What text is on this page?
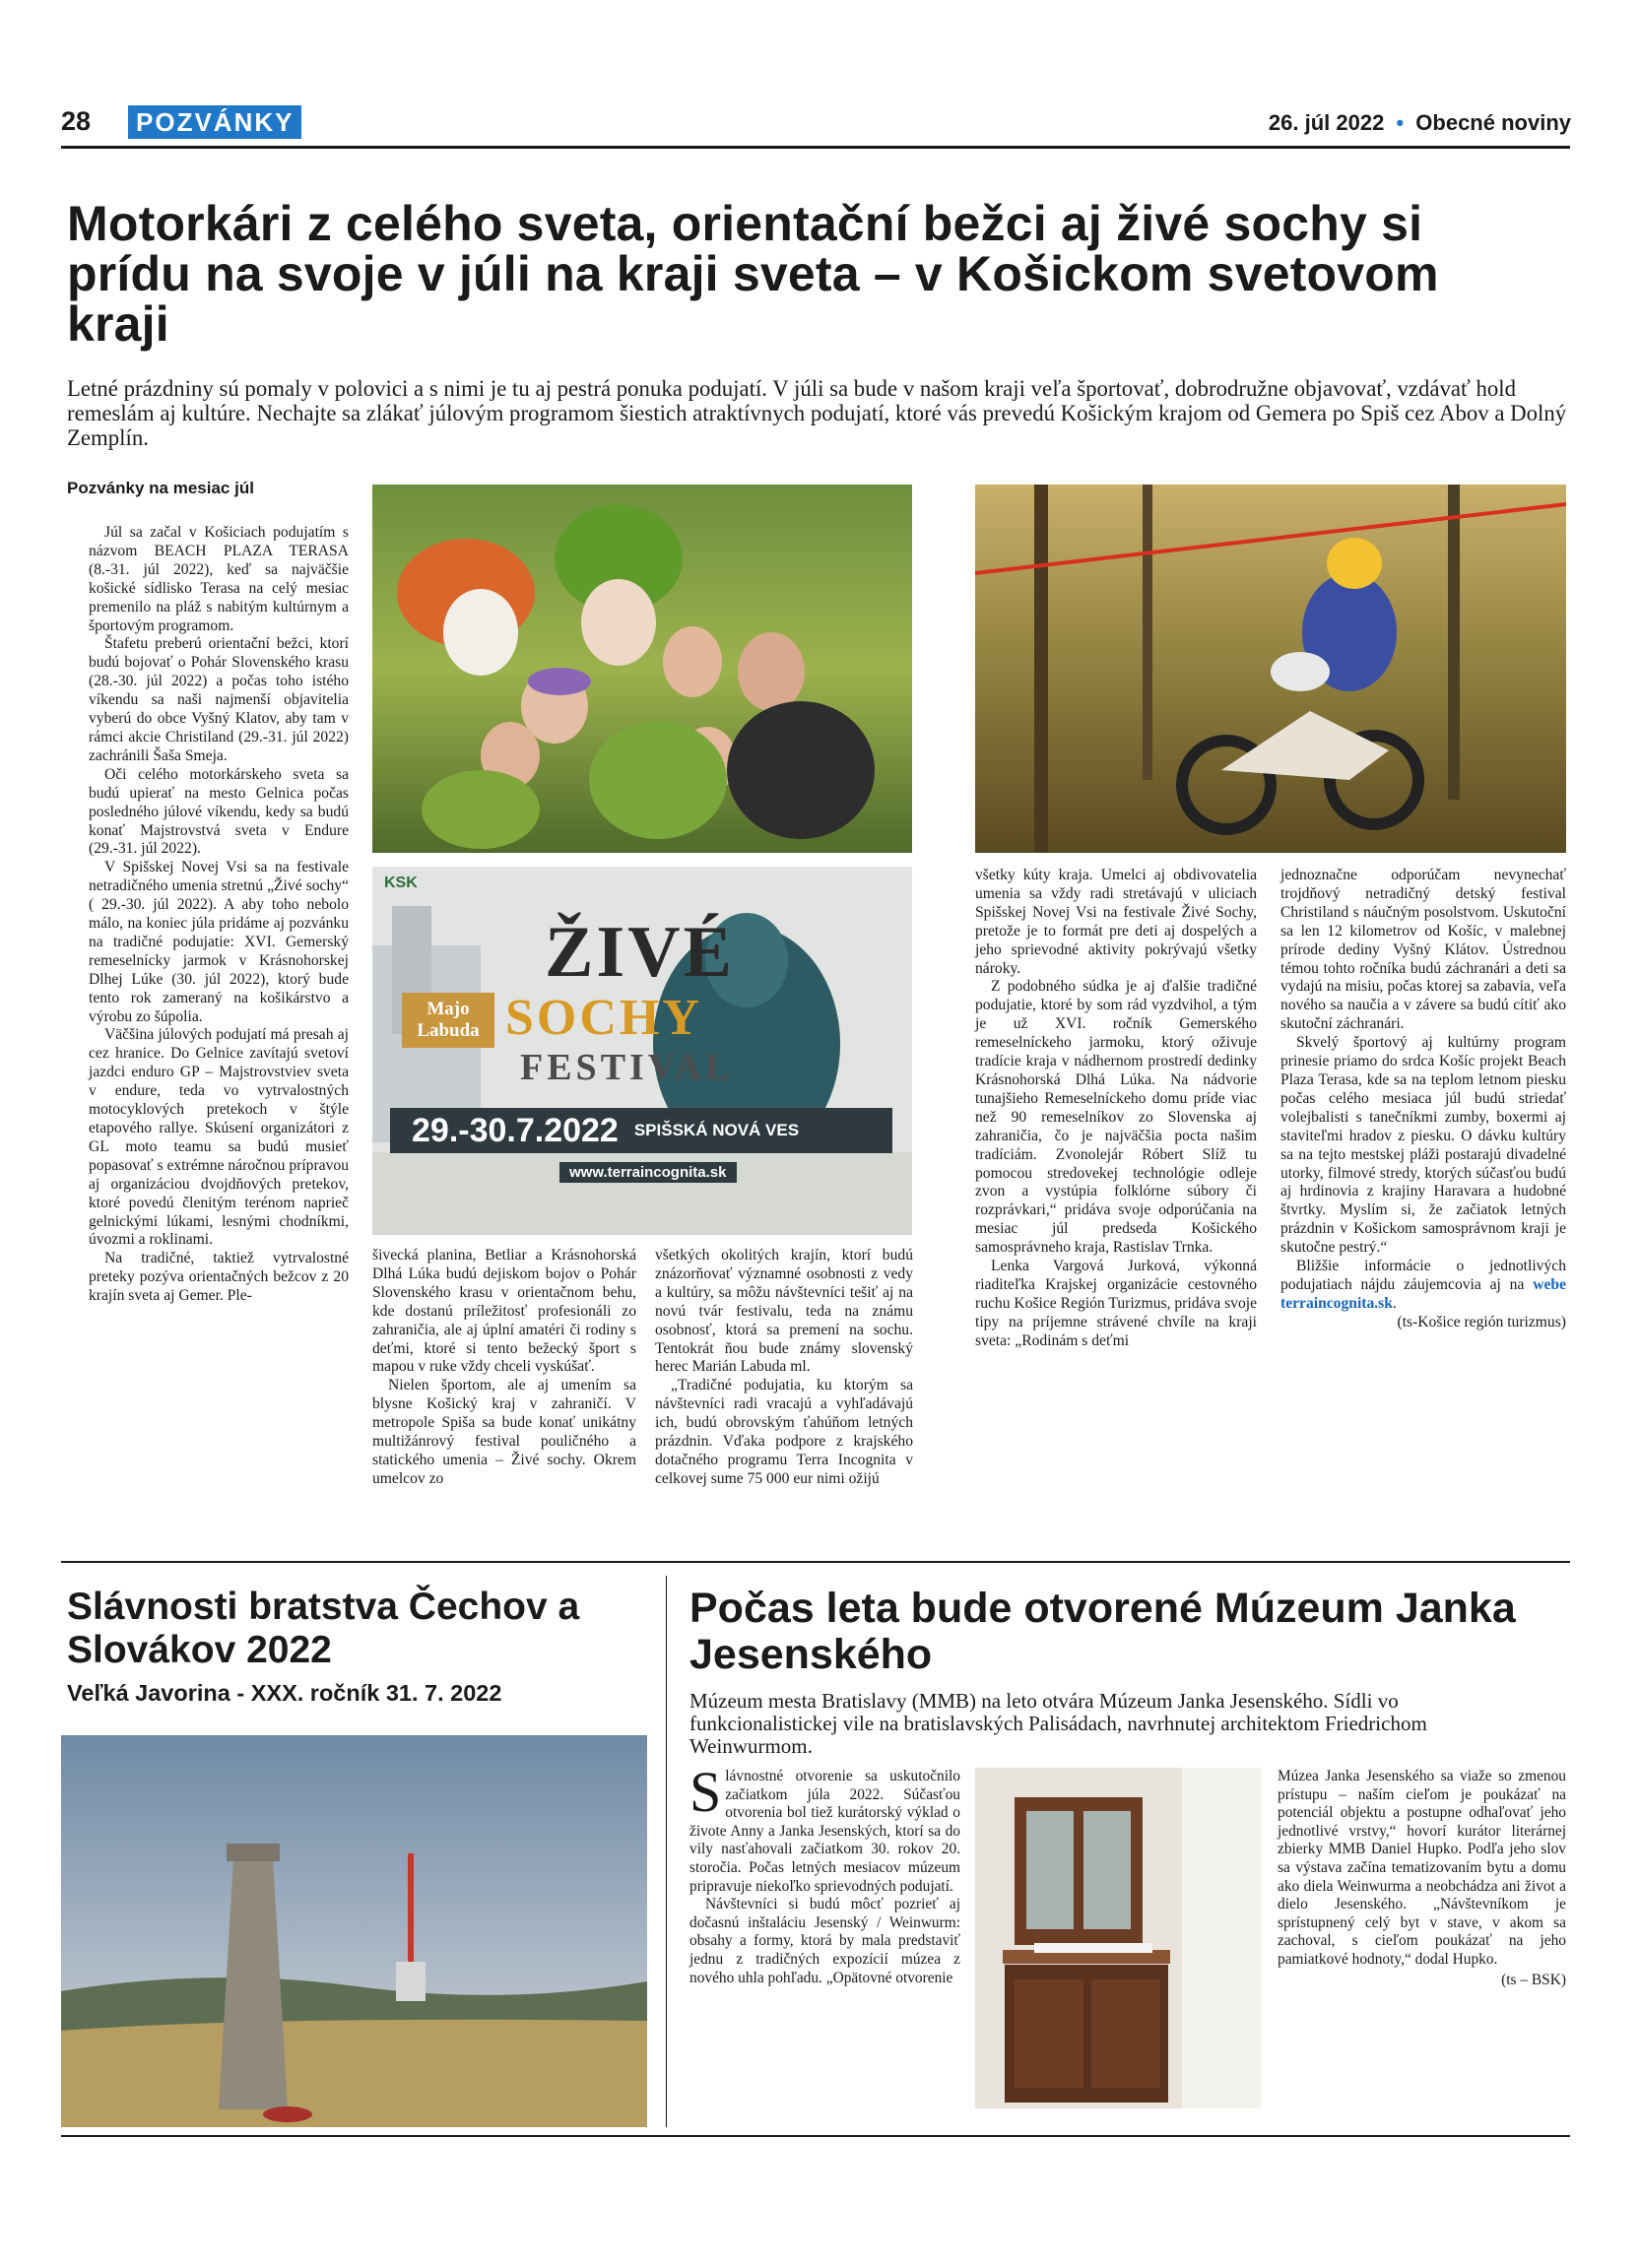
28	POZVÁNKY	26. júl 2022 • Obecné noviny
Motorkári z celého sveta, orientační bežci aj živé sochy si prídu na svoje v júli na kraji sveta – v Košickom svetovom kraji

Letné prázdniny sú pomaly v polovici a s nimi je tu aj pestrá ponuka podujatí. V júli sa bude v našom kraji veľa športovať, dobrodružne objavovať, vzdávať hold remeslám aj kultúre. Nechajte sa zlákať júlovým programom šiestich atraktívnych podujatí, ktoré vás prevedú Košickým krajom od Gemera po Spiš cez Abov a Dolný Zemplín.

Pozvánky na mesiac júl
KSK
ŽIVÉ
SOCHY
FESTIVAL
Majo
Labuda
29.-30.7.2022 SPIŠSKÁ NOVÁ VES
www.terraincognita.sk

Júl sa začal v Košiciach podujatím s názvom BEACH PLAZA TERASA (8.-31. júl 2022), keď sa najväčšie košické sídlisko Terasa na celý mesiac premenilo na pláž s nabitým kultúrnym a športovým programom.

Štafetu preberú orientační bežci, ktorí budú bojovať o Pohár Slovenského krasu (28.-30. júl 2022) a počas toho istého víkendu sa naši najmenší objavitelia vyberú do obce Vyšný Klatov, aby tam v rámci akcie Christiland (29.-31. júl 2022) zachránili Šaša Smeja.

Oči celého motorkárskeho sveta sa budú upierať na mesto Gelnica počas posledného júlové víkendu, kedy sa budú konať Majstrovstvá sveta v Endure (29.-31. júl 2022).

V Spišskej Novej Vsi sa na festivale netradičného umenia stretnú „Živé sochy“ ( 29.-30. júl 2022). A aby toho nebolo málo, na koniec júla pridáme aj pozvánku na tradičné podujatie: XVI. Gemerský remeselnícky jarmok v Krásnohorskej Dlhej Lúke (30. júl 2022), ktorý bude tento rok zameraný na košikárstvo a výrobu zo šúpolia.

Väčšina júlových podujatí má presah aj cez hranice. Do Gelnice zavítajú svetoví jazdci enduro GP – Majstrovstviev sveta v endure, teda vo vytrvalostných motocyklových pretekoch v štýle etapového rallye. Skúsení organizátori z GL moto teamu sa budú musieť popasovať s extrémne náročnou prípravou aj organizáciou dvojdňových pretekov, ktoré povedú členitým terénom naprieč gelnickými lúkami, lesnými chodníkmi, úvozmi a roklinami.

Na tradičné, taktiež vytrvalostné preteky pozýva orientačných bežcov z 20 krajín sveta aj Gemer. Ple-

šivecká planina, Betliar a Krásnohorská Dlhá Lúka budú dejiskom bojov o Pohár Slovenského krasu v orientačnom behu, kde dostanú príležitosť profesionáli zo zahraničia, ale aj úplní amatéri či rodiny s deťmi, ktoré si tento bežecký šport s mapou v ruke vždy chceli vyskúšať.

Nielen športom, ale aj umením sa blysne Košický kraj v zahraničí. V metropole Spiša sa bude konať unikátny multižánrový festival pouličného a statického umenia – Živé sochy. Okrem umelcov zo

všetkých okolitých krajín, ktorí budú znázorňovať významné osobnosti z vedy a kultúry, sa môžu návštevníci tešiť aj na novú tvár festivalu, teda na známu osobnosť, ktorá sa premení na sochu. Tentokrát ňou bude známy slovenský herec Marián Labuda ml.

„Tradičné podujatia, ku ktorým sa návštevníci radi vracajú a vyhľadávajú ich, budú obrovským ťahúňom letných prázdnin. Vďaka podpore z krajského dotačného programu Terra Incognita v celkovej sume 75 000 eur nimi ožijú

všetky kúty kraja. Umelci aj obdivovatelia umenia sa vždy radi stretávajú v uliciach Spišskej Novej Vsi na festivale Živé Sochy, pretože je to formát pre deti aj dospelých a jeho sprievodné aktivity pokrývajú všetky nároky.

Z podobného súdka je aj ďalšie tradičné podujatie, ktoré by som rád vyzdvihol, a tým je už XVI. ročník Gemerského remeselníckeho jarmoku, ktorý oživuje tradície kraja v nádhernom prostredí dedinky Krásnohorská Dlhá Lúka. Na nádvorie tunajšieho Remeselníckeho domu príde viac než 90 remeselníkov zo Slovenska aj zahraničia, čo je najväčšia pocta našim tradíciám. Zvonolejár Róbert Slíž tu pomocou stredovekej technológie odleje zvon a vystúpia folklórne súbory či rozprávkari,“ pridáva svoje odporúčania na mesiac júl predseda Košického samosprávneho kraja, Rastislav Trnka.

Lenka Vargová Jurková, výkonná riaditeľka Krajskej organizácie cestovného ruchu Košice Región Turizmus, pridáva svoje tipy na príjemne strávené chvíle na kraji sveta: „Rodinám s deťmi

jednoznačne odporúčam nevynechať trojdňový netradičný detský festival Christiland s náučným posolstvom. Uskutoční sa len 12 kilometrov od Košíc, v malebnej prírode dediny Vyšný Klátov. Ústrednou témou tohto ročníka budú záchranári a deti sa vydajú na misiu, počas ktorej sa zabavia, veľa nového sa naučia a v závere sa budú cítiť ako skutoční záchranári.

Skvelý športový aj kultúrny program prinesie priamo do srdca Košíc projekt Beach Plaza Terasa, kde sa na teplom letnom piesku počas celého mesiaca júl budú striedať volejbalisti s tanečníkmi zumby, boxermi aj staviteľmi hradov z piesku. O dávku kultúry sa na tejto mestskej pláži postarajú divadelné utorky, filmové stredy, ktorých súčasťou budú aj hrdinovia z krajiny Haravara a hudobné štvrtky. Myslím si, že začiatok letných prázdnin v Košickom samosprávnom kraji je skutočne pestrý.“

Bližšie informácie o jednotlivých podujatiach nájdu záujemcovia aj na webe terraincognita.sk.

(ts-Košice región turizmus)
Slávnosti bratstva Čechov a Slovákov 2022
Veľká Javorina - XXX. ročník 31. 7. 2022
Počas leta bude otvorené Múzeum Janka Jesenského

Múzeum mesta Bratislavy (MMB) na leto otvára Múzeum Janka Jesenského. Sídli vo funkcionalistickej vile na bratislavských Palisádach, navrhnutej architektom Friedrichom Weinwurmom.

Slávnostné otvorenie sa uskutočnilo začiatkom júla 2022. Súčasťou otvorenia bol tiež kurátorský výklad o živote Anny a Janka Jesenských, ktorí sa do vily nasťahovali začiatkom 30. rokov 20. storočia. Počas letných mesiacov múzeum pripravuje niekoľko sprievodných podujatí.

Návštevníci si budú môcť pozrieť aj dočasnú inštaláciu Jesenský / Weinwurm: obsahy a formy, ktorá by mala predstaviť jednu z tradičných expozícií múzea z nového uhla pohľadu. „Opätovné otvorenie

Múzea Janka Jesenského sa viaže so zmenou prístupu – naším cieľom je poukázať na potenciál objektu a postupne odhaľovať jeho jednotlivé vrstvy,“ hovorí kurátor literárnej zbierky MMB Daniel Hupko. Podľa jeho slov sa výstava začína tematizovaním bytu a domu ako diela Weinwurma a neobchádza ani život a dielo Jesenského. „Návštevníkom je sprístupnený celý byt v stave, v akom sa zachoval, s cieľom poukázať na jeho pamiatkové hodnoty,“ dodal Hupko.

(ts – BSK)
